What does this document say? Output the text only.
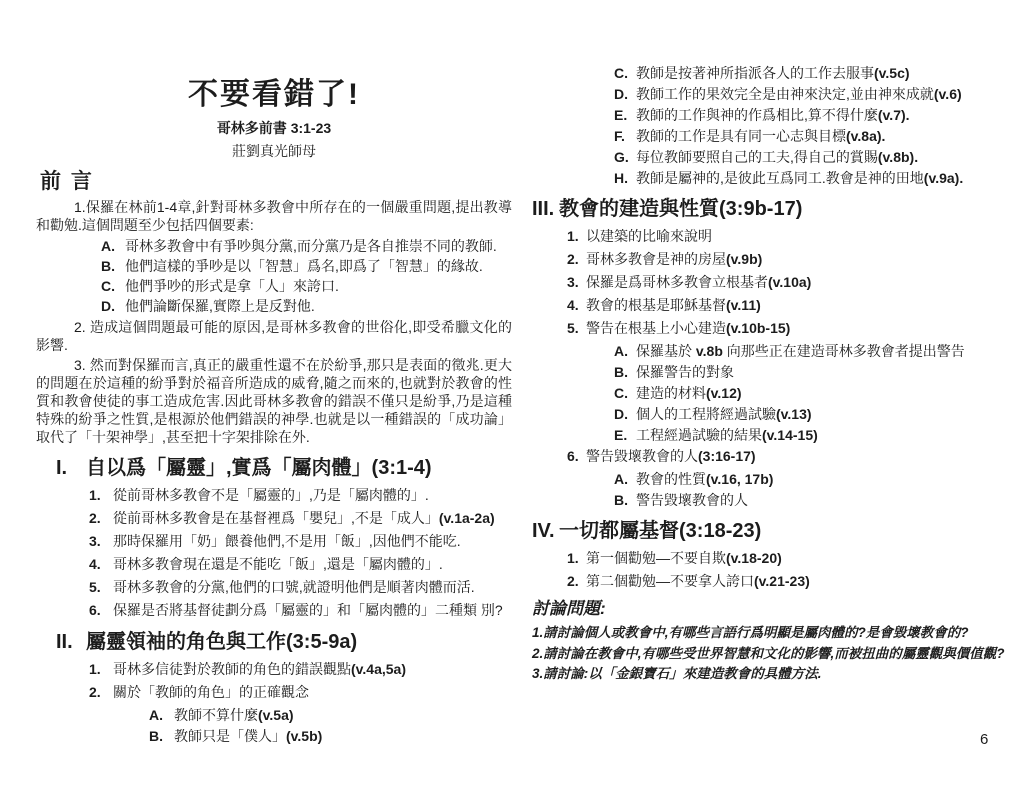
不要看錯了!
哥林多前書 3:1-23
莊劉真光師母
前 言
1.保羅在林前1-4章,針對哥林多教會中所存在的一個嚴重問題,提出教導和勸勉.這個問題至少包括四個要素:
A. 哥林多教會中有爭吵與分黨,而分黨乃是各自推崇不同的教師.
B. 他們這樣的爭吵是以「智慧」爲名,即爲了「智慧」的緣故.
C. 他們爭吵的形式是拿「人」來誇口.
D. 他們論斷保羅,實際上是反對他.
2. 造成這個問題最可能的原因,是哥林多教會的世俗化,即受希臘文化的影響.
3. 然而對保羅而言,真正的嚴重性還不在於紛爭,那只是表面的徵兆.更大的問題在於這種的紛爭對於福音所造成的威脅,隨之而來的,也就對於教會的性質和教會使徒的事工造成危害.因此哥林多教會的錯誤不僅只是紛爭,乃是這種特殊的紛爭之性質,是根源於他們錯誤的神學.也就是以一種錯誤的「成功論」取代了「十架神學」,甚至把十字架排除在外.
I. 自以爲「屬靈」,實爲「屬肉體」(3:1-4)
1. 從前哥林多教會不是「屬靈的」,乃是「屬肉體的」.
2. 從前哥林多教會是在基督裡爲「嬰兒」,不是「成人」(v.1a-2a)
3. 那時保羅用「奶」餵養他們,不是用「飯」,因他們不能吃.
4. 哥林多教會現在還是不能吃「飯」,還是「屬肉體的」.
5. 哥林多教會的分黨,他們的口號,就證明他們是順著肉體而活.
6. 保羅是否將基督徒劃分爲「屬靈的」和「屬肉體的」二種類 別?
II. 屬靈領袖的角色與工作(3:5-9a)
1. 哥林多信徒對於教師的角色的錯誤觀點(v.4a,5a)
2. 關於「教師的角色」的正確觀念
A. 教師不算什麼(v.5a)
B. 教師只是「僕人」(v.5b)
C. 教師是按著神所指派各人的工作去服事(v.5c)
D. 教師工作的果效完全是由神來決定,並由神來成就(v.6)
E. 教師的工作與神的作爲相比,算不得什麼(v.7).
F. 教師的工作是具有同一心志與目標(v.8a).
G. 每位教師要照自己的工夫,得自己的賞賜(v.8b).
H. 教師是屬神的,是彼此互爲同工.教會是神的田地(v.9a).
III. 教會的建造與性質(3:9b-17)
1. 以建築的比喻來說明
2. 哥林多教會是神的房屋(v.9b)
3. 保羅是爲哥林多教會立根基者(v.10a)
4. 教會的根基是耶穌基督(v.11)
5. 警告在根基上小心建造(v.10b-15)
A. 保羅基於 v.8b 向那些正在建造哥林多教會者提出警告
B. 保羅警告的對象
C. 建造的材料(v.12)
D. 個人的工程將經過試驗(v.13)
E. 工程經過試驗的結果(v.14-15)
6. 警告毀壞教會的人(3:16-17)
A. 教會的性質(v.16, 17b)
B. 警告毀壞教會的人
IV. 一切都屬基督(3:18-23)
1. 第一個勸勉—不要自欺(v.18-20)
2. 第二個勸勉—不要拿人誇口(v.21-23)
討論問題:
1.請討論個人或教會中,有哪些言語行爲明顯是屬肉體的?是會毀壞教會的?
2.請討論在教會中,有哪些受世界智慧和文化的影響,而被扭曲的屬靈觀與價值觀?
3.請討論:以「金銀寶石」來建造教會的具體方法.
6
